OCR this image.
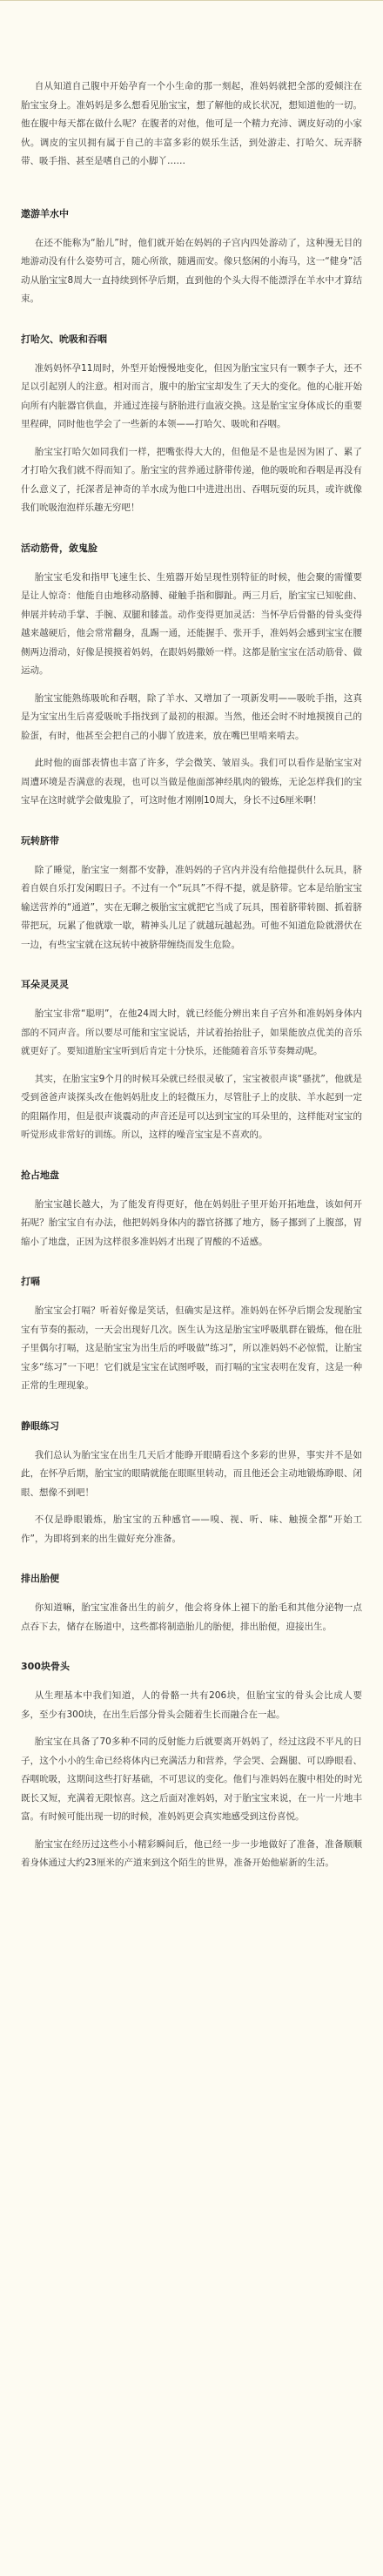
自从知道自己腹中开始孕育一个小生命的那一刻起，准妈妈就把全部的爱倾注在胎宝宝身上。准妈妈是多么想看见胎宝宝，想了解他的成长状况，想知道他的一切。他在腹中每天都在做什么呢？在腹者的对他，他可是一个精力充沛、调皮好动的小家伙。调皮的宝贝拥有属于自己的丰富多彩的娱乐生活，到处游走、打哈欠、玩弄脐带、吸手指、甚至是嗜自己的小脚丫……

遨游羊水中

在还不能称为“胎儿”时，他们就开始在妈妈的子宫内四处游动了，这种漫无目的地游动没有什么姿势可言，随心所欲，随遇而安。像只悠闲的小海马，这一“健身”活动从胎宝宝8周大一直持续到怀孕后期，直到他的个头大得不能漂浮在羊水中才算结束。

打哈欠、吮吸和吞咽

准妈妈怀孕11周时，外型开始慢慢地变化，但因为胎宝宝只有一颗李子大，还不足以引起别人的注意。相对而言，腹中的胎宝宝却发生了天大的变化。他的心脏开始向所有内脏器官供血，并通过连接与脐胎进行血液交换。这是胎宝宝身体成长的重要里程碑，同时他也学会了一些新的本领——打哈欠、吸吮和吞咽。

胎宝宝打哈欠如同我们一样，把嘴张得大大的，但他是不是也是因为困了、累了才打哈欠我们就不得而知了。胎宝宝的营养通过脐带传递，他的吸吮和吞咽是再没有什么意义了，托深者是神奇的羊水成为他口中进进出出、吞咽玩耍的玩具，或许就像我们吮吸泡泡样乐趣无穷吧！

活动筋骨，敛鬼脸

胎宝宝毛发和指甲飞速生长、生殖器开始呈现性别特征的时候，他会聚的需懂要是让人惊奇：他能自由地移动胳膊、碰触手指和脚趾。两三月后，胎宝宝已知驼曲、伸展并转动手掌、手腕、双腿和膝盖。动作变得更加灵活：当怀孕后骨骼的骨头变得越来越硬后，他会常常翻身，乱踢一通，还能握手、张开手，准妈妈会感到宝宝在腰侧两边滑动，好像是摸摸着妈妈，在跟妈妈撒娇一样。这都是胎宝宝在活动筋骨、做运动。

胎宝宝能熟练吸吮和吞咽，除了羊水、又增加了一项新发明——吸吮手指，这真是为宝宝出生后喜爱吸吮手指找到了最初的根源。当然，他还会时不时地摸摸自己的脸蛋，有时，他甚至会把自己的小脚丫放进来，放在嘴巴里啃来啃去。

此时他的面部表情也丰富了许多，学会微笑、皱眉头。我们可以看作是胎宝宝对周遭环境是否满意的表现，也可以当做是他面部神经肌肉的锻炼，无论怎样我们的宝宝早在这时就学会做鬼脸了，可这时他才刚刚10周大，身长不过6厘米啊！

玩转脐带

除了睡觉，胎宝宝一刻都不安静，准妈妈的子宫内并没有给他提供什么玩具，脐着自娱自乐打发闲暇日子。不过有一个“玩具”不得不提，就是脐带。它本是给胎宝宝输送营养的“通道”，实在无聊之极胎宝宝就把它当成了玩具，围着脐带转圈、抓着脐带把玩，玩累了他就歇一歇，精神头儿足了就越玩越起劲。可他不知道危险就潜伏在一边，有些宝宝就在这玩转中被脐带缠绕而发生危险。

耳朵灵灵灵

胎宝宝非常“聪明”，在他24周大时，就已经能分辨出来自子宫外和准妈妈身体内部的不同声音。所以要尽可能和宝宝说话，并试着抬抬肚子，如果能放点优美的音乐就更好了。要知道胎宝宝听到后肯定十分快乐，还能随着音乐节奏舞动呢。

其实，在胎宝宝9个月的时候耳朵就已经很灵敏了，宝宝被很声谈“骚扰”，他就是受到爸爸声谈探头改在他妈妈肚皮上的轻微压力，尽管肚子上的皮肤、羊水起到一定的阻隔作用，但是很声谈震动的声音还是可以达到宝宝的耳朵里的，这样能对宝宝的听觉形成非常好的训练。所以，这样的噪音宝宝是不喜欢的。

抢占地盘

胎宝宝越长越大，为了能发育得更好，他在妈妈肚子里开始开拓地盘，该如何开拓呢？胎宝宝自有办法，他把妈妈身体内的器官挤挪了地方，肠子挪到了上腹部，胃缩小了地盘，正因为这样很多准妈妈才出现了胃酸的不适感。

打嗝

胎宝宝会打嗝？听着好像是笑话，但确实是这样。准妈妈在怀孕后期会发现胎宝宝有节奏的振动，一天会出现好几次。医生认为这是胎宝宝呼吸肌群在锻炼，他在肚子里偶尔打嗝，这是胎宝宝为出生后的呼吸做“练习”，所以准妈妈不必惊慌，让胎宝宝多“练习”一下吧！它们就是宝宝在试图呼吸，而打嗝的宝宝表明在发育，这是一种正常的生理现象。

静眼练习

我们总认为胎宝宝在出生几天后才能睁开眼睛看这个多彩的世界，事实并不是如此，在怀孕后期，胎宝宝的眼睛就能在眼眶里转动，而且他还会主动地锻炼睁眼、闭眼、想像不到吧！

不仅是睁眼锻炼，胎宝宝的五种感官——嗅、视、听、味、触摸全都“开始工作”，为即将到来的出生做好充分准备。

排出胎便

你知道嘛，胎宝宝准备出生的前夕，他会将身体上褪下的胎毛和其他分泌物一点点吞下去，储存在肠道中，这些都将制造胎儿的胎便，排出胎便，迎接出生。

300块骨头

从生理基本中我们知道，人的骨骼一共有206块，但胎宝宝的骨头会比成人要多，至少有300块，在出生后部分骨头会随着生长而融合在一起。

胎宝宝在具备了70多种不同的反射能力后就要离开妈妈了，经过这段不平凡的日子，这个小小的生命已经将体内已充满活力和营养，学会哭、会踢腿、可以睁眼看、吞咽吮吸，这期间这些打好基础，不可思议的变化。他们与准妈妈在腹中相处的时光既长又短，充满着无限惊喜。这之后面对准妈妈，对于胎宝宝来说，在一片一片地丰富。有时候可能出现一切的时候，准妈妈更会真实地感受到这份喜悦。

胎宝宝在经历过这些小小精彩瞬间后，他已经一步一步地做好了准备，准备顺顺着身体通过大约23厘米的产道来到这个陌生的世界，准备开始他崭新的生活。
